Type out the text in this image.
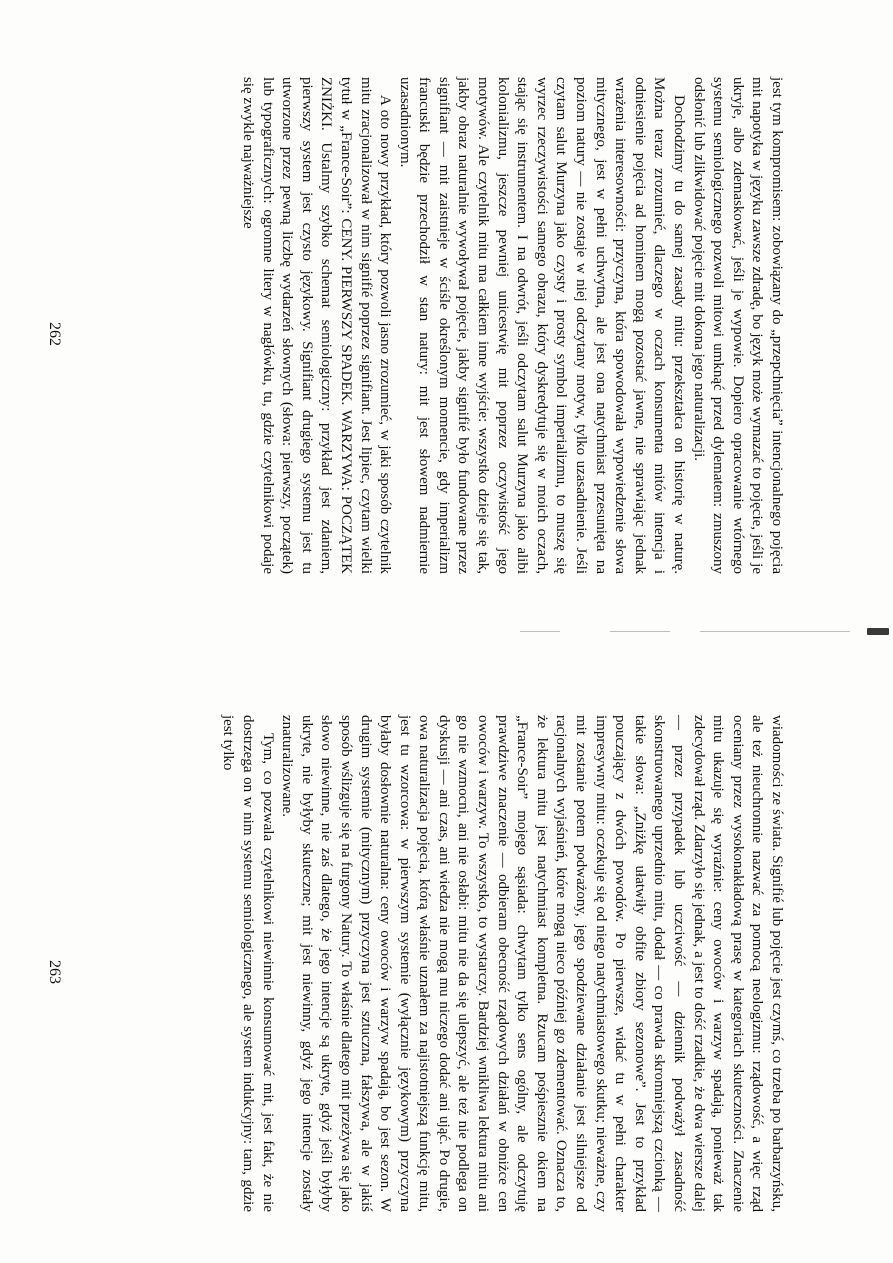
jest tym kompromisem: zobowiązany do „przepchnięcia” intencjonalnego pojęcia mit napotyka w języku zawsze zdradę, bo język może wymazać to pojęcie, jeśli je ukryje, albo zdemaskować, jeśli je wypowie. Dopiero opracowanie wtórnego systemu semiologicznego pozwoli mitowi umknąć przed dylematem: zmuszony odsłonić lub zlikwidować pojęcie mit dokona jego naturalizacji.

Dochodzimy tu do samej zasady mitu: przekształca on historię w naturę. Można teraz zrozumieć, dlaczego w oczach konsumenta mitów intencja i odniesienie pojęcia ad hominem mogą pozostać jawne, nie sprawiając jednak wrażenia interesowności: przyczyna, która spowodowała wypowiedzenie słowa mitycznego, jest w pełni uchwytna, ale jest ona natychmiast przesunięta na poziom natury — nie zostaje w niej odczytany motyw, tylko uzasadnienie. Jeśli czytam salut Murzyna jako czysty i prosty symbol imperializmu, to muszę się wyrzec rzeczywistości samego obrazu, który dyskredytuje się w moich oczach, stając się instrumentem. I na odwrót, jeśli odczytam salut Murzyna jako alibi kolonializmu, jeszcze pewniej unicestwię mit poprzez oczywistość jego motywów. Ale czytelnik mitu ma całkiem inne wyjście: wszystko dzieje się tak, jakby obraz naturalnie wywoływał pojęcie, jakby signifié było fundowane przez signifiant — mit zaistnieje w ściśle określonym momencie, gdy imperializm francuski będzie przechodził w stan natury: mit jest słowem nadmiernie uzasadnionym.

A oto nowy przykład, który pozwoli jasno zrozumieć, w jaki sposób czytelnik mitu zracjonalizował w nim signifié poprzez signifiant. Jest lipiec, czytam wielki tytuł w „France-Soir”: CENY. PIERWSZY SPADEK. WARZYWA: POCZĄTEK ZNIŻKI. Ustalmy szybko schemat semiologiczny: przykład jest zdaniem, pierwszy system jest czysto językowy. Signifiant drugiego systemu jest tu utworzone przez pewną liczbę wydarzeń słownych (słowa: pierwszy, początek) lub typograficznych: ogromne litery w nagłówku, tu, gdzie czytelnikowi podaje się zwykle najważniejsze

262

wiadomości ze świata. Signifié lub pojęcie jest czymś, co trzeba po barbarzyńsku, ale też nieuchronnie nazwać za pomocą neologizmu: rządowość, a więc rząd oceniany przez wysokonakładową prasę w kategoriach skuteczności. Znaczenie mitu ukazuje się wyraźnie: ceny owoców i warzyw spadają, ponieważ tak zdecydował rząd. Zdarzyło się jednak, a jest to dość rzadkie, że dwa wiersze dalej — przez przypadek lub uczciwość — dziennik podważył zasadność skonstruowanego uprzednio mitu, dodał — co prawda skromniejszą czcionką — takie słowa: „Zniżkę ułatwiły obfite zbiory sezonowe”. Jest to przykład pouczający z dwóch powodów. Po pierwsze, widać tu w pełni charakter impresywny mitu: oczekuje się od niego natychmiastowego skutku; nieważne, czy mit zostanie potem podważony, jego spodziewane działanie jest silniejsze od racjonalnych wyjaśnień, które mogą nieco później go zdementować. Oznacza to, że lektura mitu jest natychmiast kompletna. Rzucam pośpiesznie okiem na „France-Soir” mojego sąsiada: chwytam tylko sens ogólny, ale odczytuję prawdziwe znaczenie — odbieram obecność rządowych działań w obniżce cen owoców i warzyw. To wszystko, to wystarczy. Bardziej wnikliwa lektura mitu ani go nie wzmocni, ani nie osłabi: mitu nie da się ulepszyć, ale też nie podlega on dyskusji — ani czas, ani wiedza nie mogą mu niczego dodać ani ująć. Po drugie, owa naturalizacja pojęcia, którą właśnie uznałem za najistotniejszą funkcję mitu, jest tu wzorcowa: w pierwszym systemie (wyłącznie językowym) przyczyna byłaby dosłownie naturalna: ceny owoców i warzyw spadają, bo jest sezon. W drugim systemie (mitycznym) przyczyna jest sztuczna, fałszywa, ale w jakiś sposób wślizguje się na furgony Natury. To właśnie dlatego mit przeżywa się jako słowo niewinne, nie zaś dlatego, że jego intencje są ukryte, gdyż jeśli byłyby ukryte, nie byłyby skuteczne; mit jest niewinny, gdyż jego intencje zostały znaturalizowane.

Tym, co pozwala czytelnikowi niewinnie konsumować mit, jest fakt, że nie dostrzega on w nim systemu semiologicznego, ale system indukcyjny: tam, gdzie jest tylko

263
